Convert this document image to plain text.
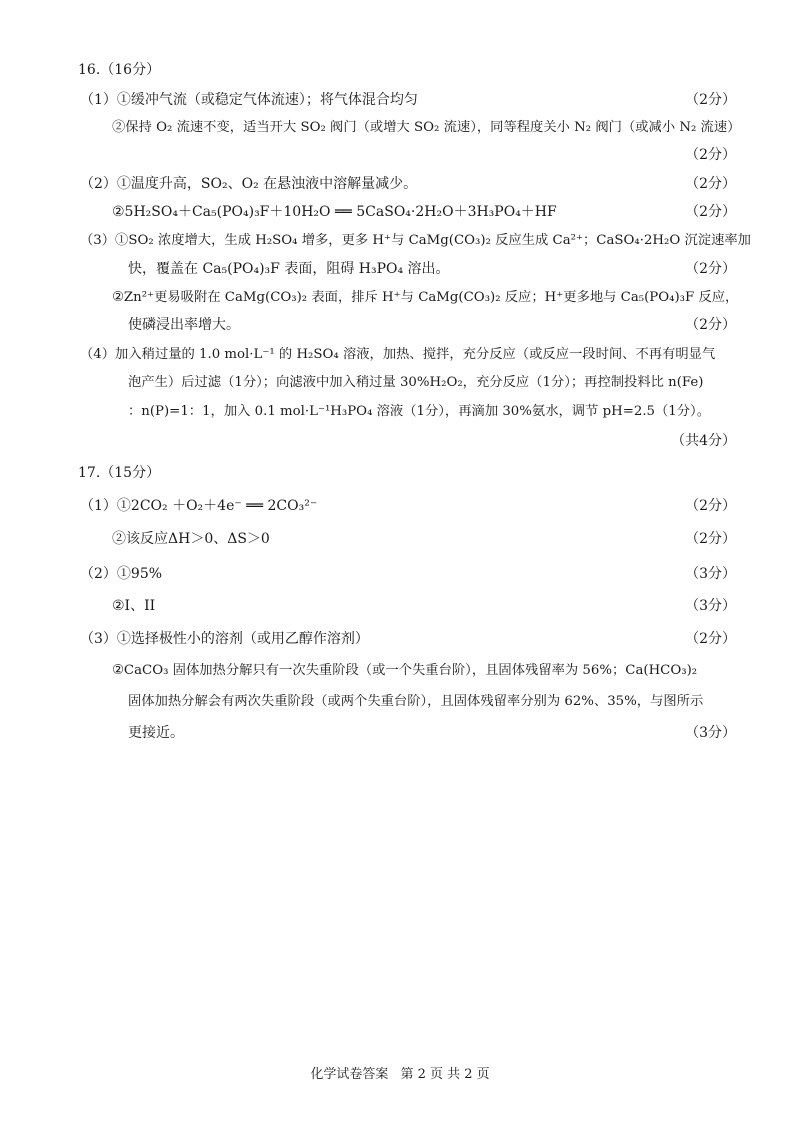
16.（16分）
（1）①缓冲气流（或稳定气体流速）；将气体混合均匀	（2分）
②保持 O₂ 流速不变，适当开大 SO₂ 阀门（或增大 SO₂ 流速），同等程度关小 N₂ 阀门（或减小 N₂ 流速）
（2分）
（2）①温度升高，SO₂、O₂ 在悬浊液中溶解量减少。	（2分）
②5H₂SO₄＋Ca₅(PO₄)₃F＋10H₂O ══ 5CaSO₄·2H₂O＋3H₃PO₄＋HF	（2分）
（3）①SO₂ 浓度增大，生成 H₂SO₄ 增多，更多 H⁺与 CaMg(CO₃)₂ 反应生成 Ca²⁺；CaSO₄·2H₂O 沉淀速率加
快，覆盖在 Ca₅(PO₄)₃F 表面，阻碍 H₃PO₄ 溶出。	（2分）
②Zn²⁺更易吸附在 CaMg(CO₃)₂ 表面，排斥 H⁺与 CaMg(CO₃)₂ 反应；H⁺更多地与 Ca₅(PO₄)₃F 反应，
使磷浸出率增大。	（2分）
（4）加入稍过量的 1.0 mol·L⁻¹ 的 H₂SO₄ 溶液，加热、搅拌，充分反应（或反应一段时间、不再有明显气
泡产生）后过滤（1分）；向滤液中加入稍过量 30%H₂O₂，充分反应（1分）；再控制投料比 n(Fe)
：n(P)=1：1，加入 0.1 mol·L⁻¹H₃PO₄ 溶液（1分），再滴加 30%氨水，调节 pH=2.5（1分）。
（共4分）
17.（15分）
（1）①2CO₂ ＋O₂＋4e⁻ ══ 2CO₃²⁻	（2分）
②该反应ΔH＞0、ΔS＞0	（2分）
（2）①95%	（3分）
②I、II	（3分）
（3）①选择极性小的溶剂（或用乙醇作溶剂）	（2分）
②CaCO₃ 固体加热分解只有一次失重阶段（或一个失重台阶），且固体残留率为 56%；Ca(HCO₃)₂
固体加热分解会有两次失重阶段（或两个失重台阶），且固体残留率分别为 62%、35%，与图所示
更接近。	（3分）
化学试卷答案 第 2 页 共 2 页
